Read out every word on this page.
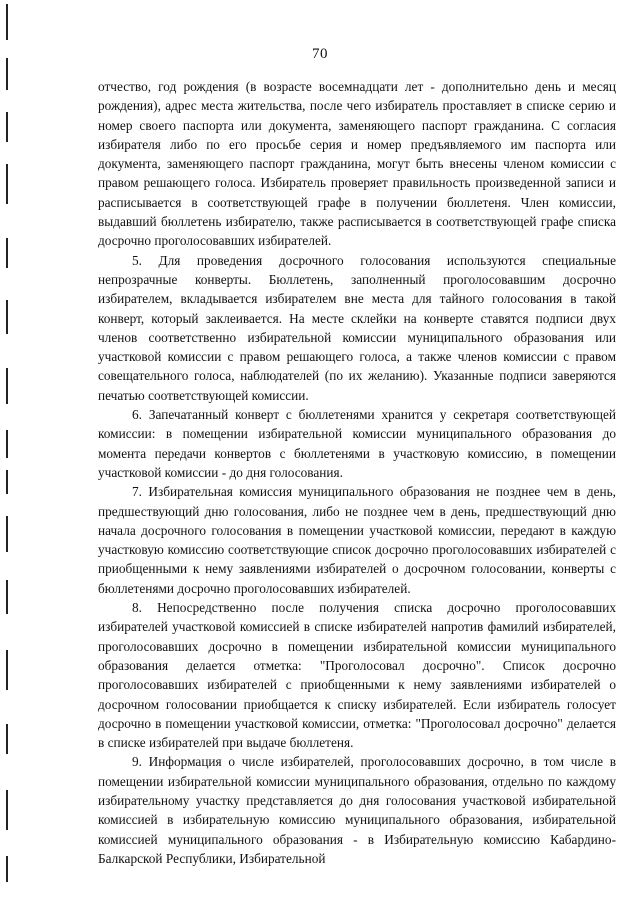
70

отчество, год рождения (в возрасте восемнадцати лет - дополнительно день и месяц рождения), адрес места жительства, после чего избиратель проставляет в списке серию и номер своего паспорта или документа, заменяющего паспорт гражданина. С согласия избирателя либо по его просьбе серия и номер предъявляемого им паспорта или документа, заменяющего паспорт гражданина, могут быть внесены членом комиссии с правом решающего голоса. Избиратель проверяет правильность произведенной записи и расписывается в соответствующей графе в получении бюллетеня. Член комиссии, выдавший бюллетень избирателю, также расписывается в соответствующей графе списка досрочно проголосовавших избирателей.

5. Для проведения досрочного голосования используются специальные непрозрачные конверты. Бюллетень, заполненный проголосовавшим досрочно избирателем, вкладывается избирателем вне места для тайного голосования в такой конверт, который заклеивается. На месте склейки на конверте ставятся подписи двух членов соответственно избирательной комиссии муниципального образования или участковой комиссии с правом решающего голоса, а также членов комиссии с правом совещательного голоса, наблюдателей (по их желанию). Указанные подписи заверяются печатью соответствующей комиссии.

6. Запечатанный конверт с бюллетенями хранится у секретаря соответствующей комиссии: в помещении избирательной комиссии муниципального образования до момента передачи конвертов с бюллетенями в участковую комиссию, в помещении участковой комиссии - до дня голосования.

7. Избирательная комиссия муниципального образования не позднее чем в день, предшествующий дню голосования, либо не позднее чем в день, предшествующий дню начала досрочного голосования в помещении участковой комиссии, передают в каждую участковую комиссию соответствующие список досрочно проголосовавших избирателей с приобщенными к нему заявлениями избирателей о досрочном голосовании, конверты с бюллетенями досрочно проголосовавших избирателей.

8. Непосредственно после получения списка досрочно проголосовавших избирателей участковой комиссией в списке избирателей напротив фамилий избирателей, проголосовавших досрочно в помещении избирательной комиссии муниципального образования делается отметка: "Проголосовал досрочно". Список досрочно проголосовавших избирателей с приобщенными к нему заявлениями избирателей о досрочном голосовании приобщается к списку избирателей. Если избиратель голосует досрочно в помещении участковой комиссии, отметка: "Проголосовал досрочно" делается в списке избирателей при выдаче бюллетеня.

9. Информация о числе избирателей, проголосовавших досрочно, в том числе в помещении избирательной комиссии муниципального образования, отдельно по каждому избирательному участку представляется до дня голосования участковой избирательной комиссией в избирательную комиссию муниципального образования, избирательной комиссией муниципального образования - в Избирательную комиссию Кабардино-Балкарской Республики, Избирательной
